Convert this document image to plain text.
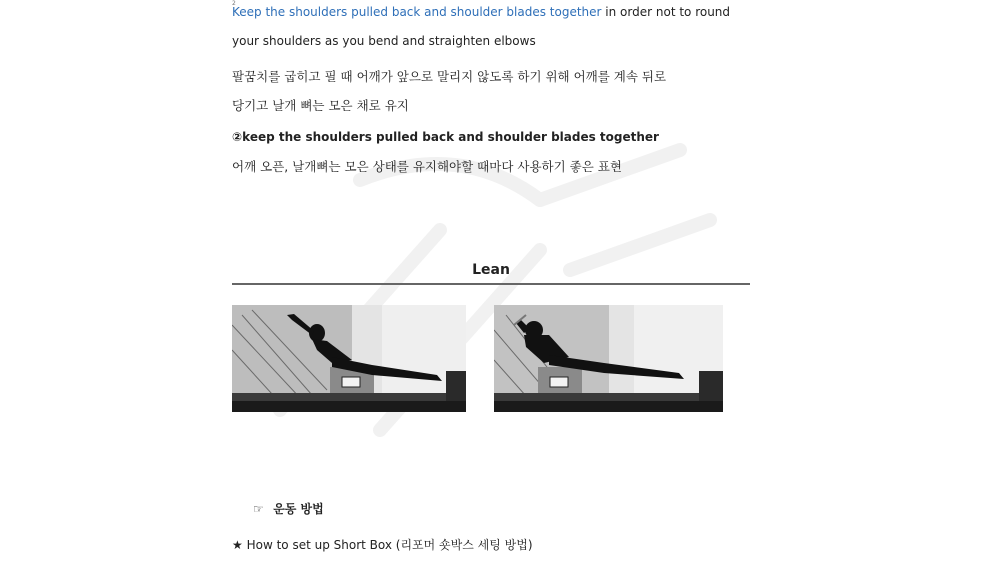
2
Keep the shoulders pulled back and shoulder blades together in order not to round
your shoulders as you bend and straighten elbows
팔꿈치를 굽히고 필 때 어깨가 앞으로 말리지 않도록 하기 위해 어깨를 계속 뒤로
당기고 날개 뼈는 모은 채로 유지
②keep the shoulders pulled back and shoulder blades together
어깨 오픈, 날개뼈는 모은 상태를 유지해야할 때마다 사용하기 좋은 표현
Lean
☞ 운동 방법
★ How to set up Short Box (리포머 숏박스 세팅 방법)
